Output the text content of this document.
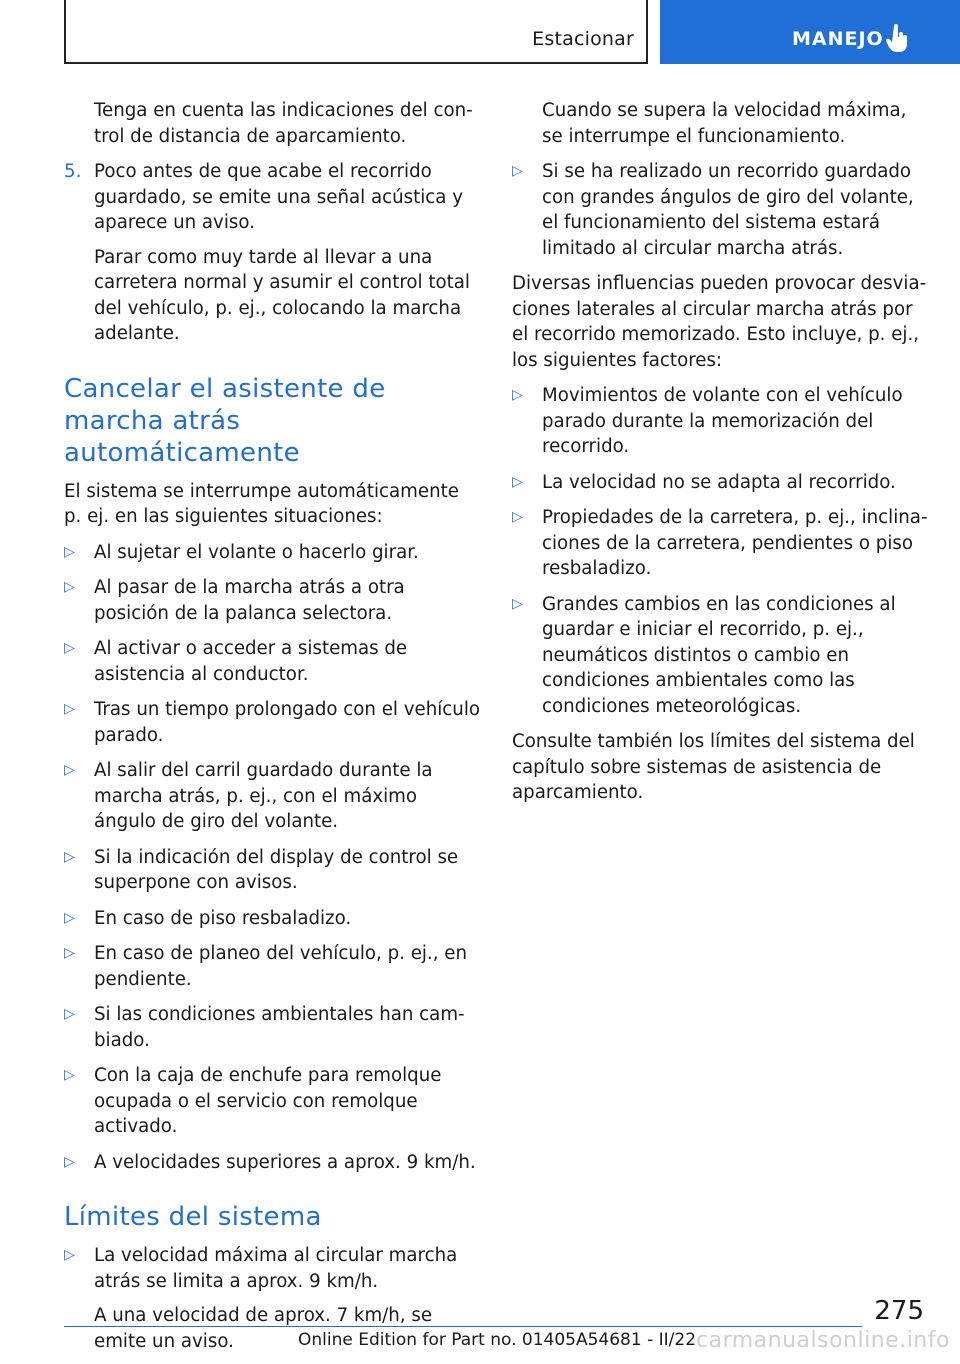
Estacionar	MANEJO

Tenga en cuenta las indicaciones del control de distancia de aparcamiento.

5. Poco antes de que acabe el recorrido guardado, se emite una señal acústica y aparece un aviso.
Parar como muy tarde al llevar a una carretera normal y asumir el control total del vehículo, p. ej., colocando la marcha adelante.
Cancelar el asistente de marcha atrás automáticamente

El sistema se interrumpe automáticamente p. ej. en las siguientes situaciones:

▷ Al sujetar el volante o hacerlo girar.
▷ Al pasar de la marcha atrás a otra posición de la palanca selectora.
▷ Al activar o acceder a sistemas de asistencia al conductor.
▷ Tras un tiempo prolongado con el vehículo parado.
▷ Al salir del carril guardado durante la marcha atrás, p. ej., con el máximo ángulo de giro del volante.
▷ Si la indicación del display de control se superpone con avisos.
▷ En caso de piso resbaladizo.
▷ En caso de planeo del vehículo, p. ej., en pendiente.
▷ Si las condiciones ambientales han cambiado.
▷ Con la caja de enchufe para remolque ocupada o el servicio con remolque activado.
▷ A velocidades superiores a aprox. 9 km/h.
Límites del sistema
▷ La velocidad máxima al circular marcha atrás se limita a aprox. 9 km/h.
A una velocidad de aprox. 7 km/h, se emite un aviso.

Cuando se supera la velocidad máxima, se interrumpe el funcionamiento.

▷ Si se ha realizado un recorrido guardado con grandes ángulos de giro del volante, el funcionamiento del sistema estará limitado al circular marcha atrás.

Diversas influencias pueden provocar desviaciones laterales al circular marcha atrás por el recorrido memorizado. Esto incluye, p. ej., los siguientes factores:

▷ Movimientos de volante con el vehículo parado durante la memorización del recorrido.
▷ La velocidad no se adapta al recorrido.
▷ Propiedades de la carretera, p. ej., inclinaciones de la carretera, pendientes o piso resbaladizo.
▷ Grandes cambios en las condiciones al guardar e iniciar el recorrido, p. ej., neumáticos distintos o cambio en condiciones ambientales como las condiciones meteorológicas.

Consulte también los límites del sistema del capítulo sobre sistemas de asistencia de aparcamiento.

275
Online Edition for Part no. 01405A54681 - II/22 carmanualsonline.info
